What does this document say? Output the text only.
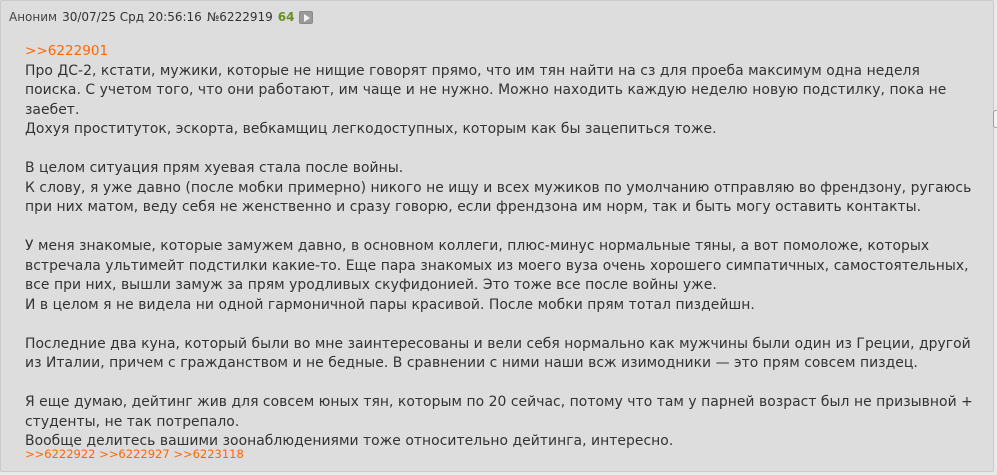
Аноним 30/07/25 Срд 20:56:16 №6222919 64
>>6222901

Про ДС-2, кстати, мужики, которые не нищие говорят прямо, что им тян найти на сз для проеба максимум одна неделя поиска. С учетом того, что они работают, им чаще и не нужно. Можно находить каждую неделю новую подстилку, пока не заебет.

Дохуя проституток, эскорта, вебкамщиц легкодоступных, которым как бы зацепиться тоже.

В целом ситуация прям хуевая стала после войны.

К слову, я уже давно (после мобки примерно) никого не ищу и всех мужиков по умолчанию отправляю во френдзону, ругаюсь при них матом, веду себя не женственно и сразу говорю, если френдзона им норм, так и быть могу оставить контакты.

У меня знакомые, которые замужем давно, в основном коллеги, плюс-минус нормальные тяны, а вот помоложе, которых встречала ультимейт подстилки какие-то. Еще пара знакомых из моего вуза очень хорошего симпатичных, самостоятельных, все при них, вышли замуж за прям уродливых скуфидонией. Это тоже все после войны уже.

И в целом я не видела ни одной гармоничной пары красивой. После мобки прям тотал пиздейшн.

Последние два куна, который были во мне заинтересованы и вели себя нормально как мужчины были один из Греции, другой из Италии, причем с гражданством и не бедные. В сравнении с ними наши всж изимодники — это прям совсем пиздец.

Я еще думаю, дейтинг жив для совсем юных тян, которым по 20 сейчас, потому что там у парней возраст был не призывной + студенты, не так потрепало.

Вообще делитесь вашими зоонаблюдениями тоже относительно дейтинга, интересно.

>>6222922 >>6222927 >>6223118
